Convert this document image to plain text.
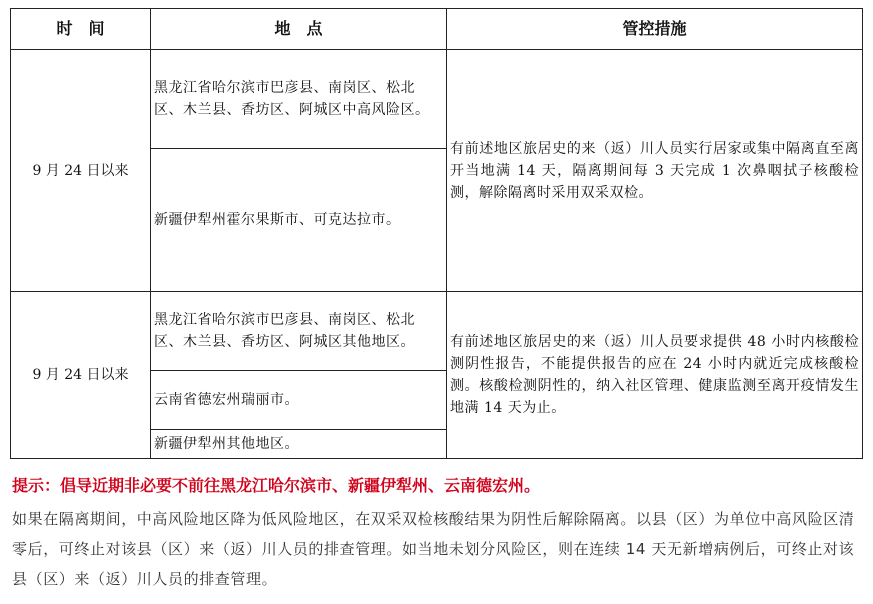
时　间	地　点	管控措施
9 月 24 日以来	黑龙江省哈尔滨市巴彦县、南岗区、松北区、木兰县、香坊区、阿城区中高风险区。	有前述地区旅居史的来（返）川人员实行居家或集中隔离直至离开当地满 14 天，隔离期间每 3 天完成 1 次鼻咽拭子核酸检测，解除隔离时采用双采双检。
	新疆伊犁州霍尔果斯市、可克达拉市。	
9 月 24 日以来	黑龙江省哈尔滨市巴彦县、南岗区、松北区、木兰县、香坊区、阿城区其他地区。	有前述地区旅居史的来（返）川人员要求提供 48 小时内核酸检测阴性报告，不能提供报告的应在 24 小时内就近完成核酸检测。核酸检测阴性的，纳入社区管理、健康监测至离开疫情发生地满 14 天为止。
	云南省德宏州瑞丽市。	
	新疆伊犁州其他地区。	

提示：倡导近期非必要不前往黑龙江哈尔滨市、新疆伊犁州、云南德宏州。

如果在隔离期间，中高风险地区降为低风险地区，在双采双检核酸结果为阴性后解除隔离。以县（区）为单位中高风险区清零后，可终止对该县（区）来（返）川人员的排查管理。如当地未划分风险区，则在连续 14 天无新增病例后，可终止对该县（区）来（返）川人员的排查管理。
